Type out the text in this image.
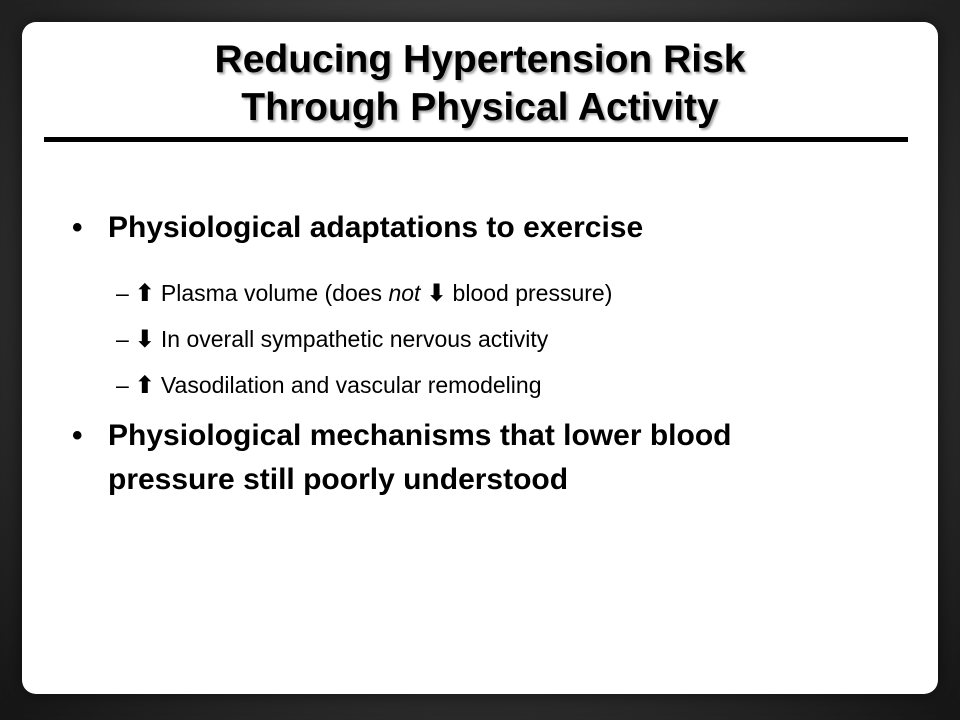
Reducing Hypertension Risk
Through Physical Activity
• Physiological adaptations to exercise
– ⬆ Plasma volume (does not ⬇ blood pressure)
– ⬇ In overall sympathetic nervous activity
– ⬆ Vasodilation and vascular remodeling
• Physiological mechanisms that lower blood
pressure still poorly understood
